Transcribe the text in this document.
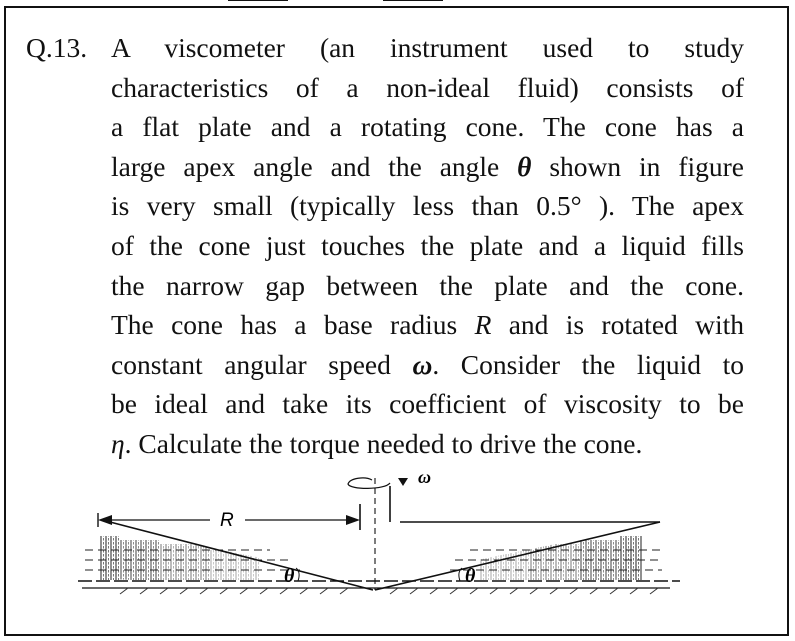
Q.13. A viscometer (an instrument used to study
characteristics of a non-ideal fluid) consists of
a flat plate and a rotating cone. The cone has a
large apex angle and the angle θ shown in figure
is very small (typically less than 0.5° ). The apex
of the cone just touches the plate and a liquid fills
the narrow gap between the plate and the cone.
The cone has a base radius R and is rotated with
constant angular speed ω. Consider the liquid to
be ideal and take its coefficient of viscosity to be
η. Calculate the torque needed to drive the cone.
ω
R
θ	θ
